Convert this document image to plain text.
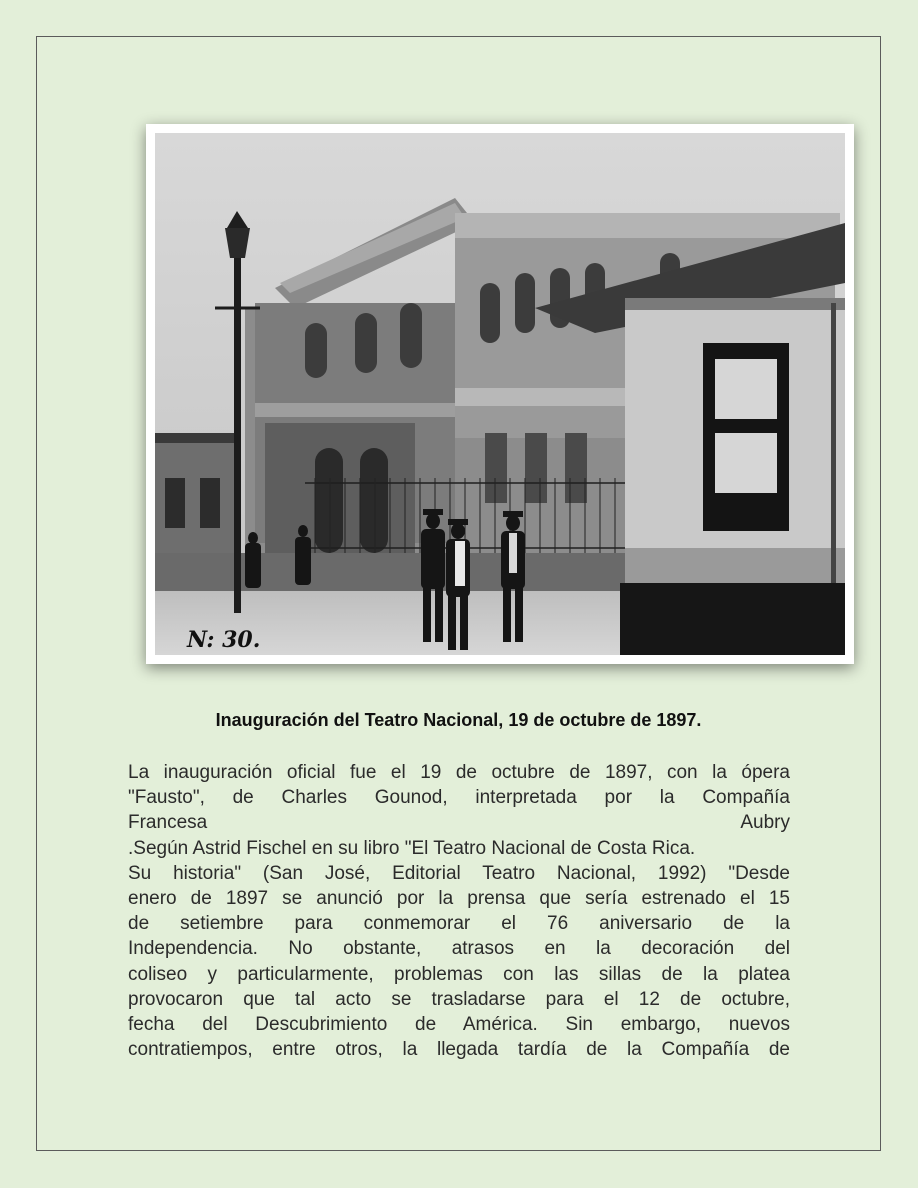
N: 30.
Inauguración del Teatro Nacional, 19 de octubre de 1897.
La inauguración oficial fue el 19 de octubre de 1897, con la ópera
"Fausto", de Charles Gounod, interpretada por la Compañía
Francesa Aubry
.Según Astrid Fischel en su libro "El Teatro Nacional de Costa Rica.
Su historia" (San José, Editorial Teatro Nacional, 1992) "Desde
enero de 1897 se anunció por la prensa que sería estrenado el 15
de setiembre para conmemorar el 76 aniversario de la
Independencia. No obstante, atrasos en la decoración del
coliseo y particularmente, problemas con las sillas de la platea
provocaron que tal acto se trasladarse para el 12 de octubre,
fecha del Descubrimiento de América. Sin embargo, nuevos
contratiempos, entre otros, la llegada tardía de la Compañía de
